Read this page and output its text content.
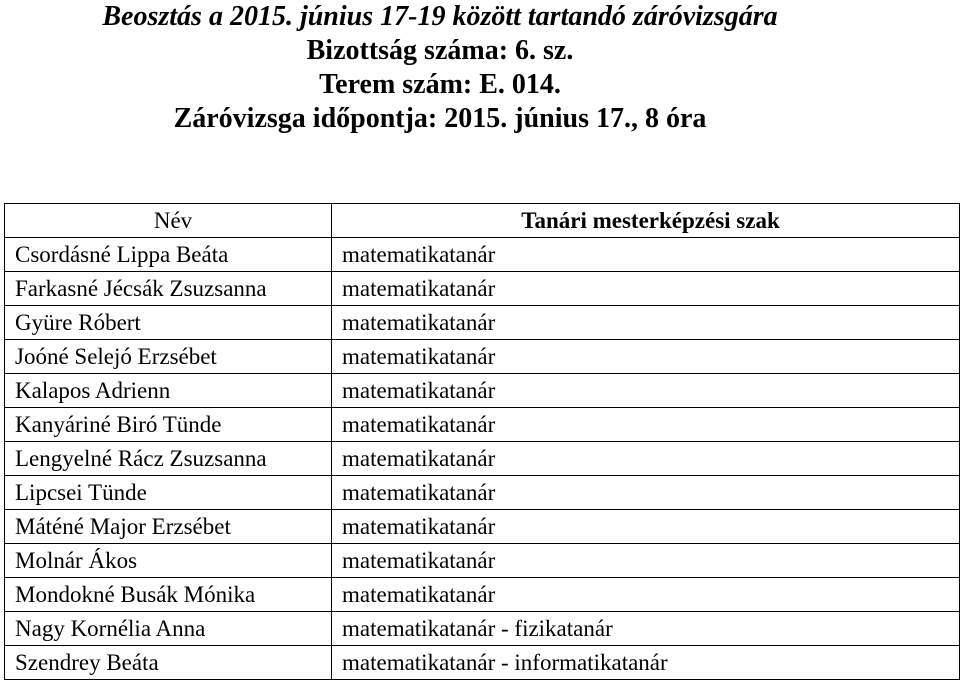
Beosztás a 2015. június 17-19 között tartandó záróvizsgára
Bizottság száma: 6. sz.
Terem szám: E. 014.
Záróvizsga időpontja: 2015. június 17., 8 óra
Név	Tanári mesterképzési szak
Csordásné Lippa Beáta	matematikatanár
Farkasné Jécsák Zsuzsanna	matematikatanár
Gyüre Róbert	matematikatanár
Joóné Selejó Erzsébet	matematikatanár
Kalapos Adrienn	matematikatanár
Kanyáriné Biró Tünde	matematikatanár
Lengyelné Rácz Zsuzsanna	matematikatanár
Lipcsei Tünde	matematikatanár
Máténé Major Erzsébet	matematikatanár
Molnár Ákos	matematikatanár
Mondokné Busák Mónika	matematikatanár
Nagy Kornélia Anna	matematikatanár - fizikatanár
Szendrey Beáta	matematikatanár - informatikatanár
